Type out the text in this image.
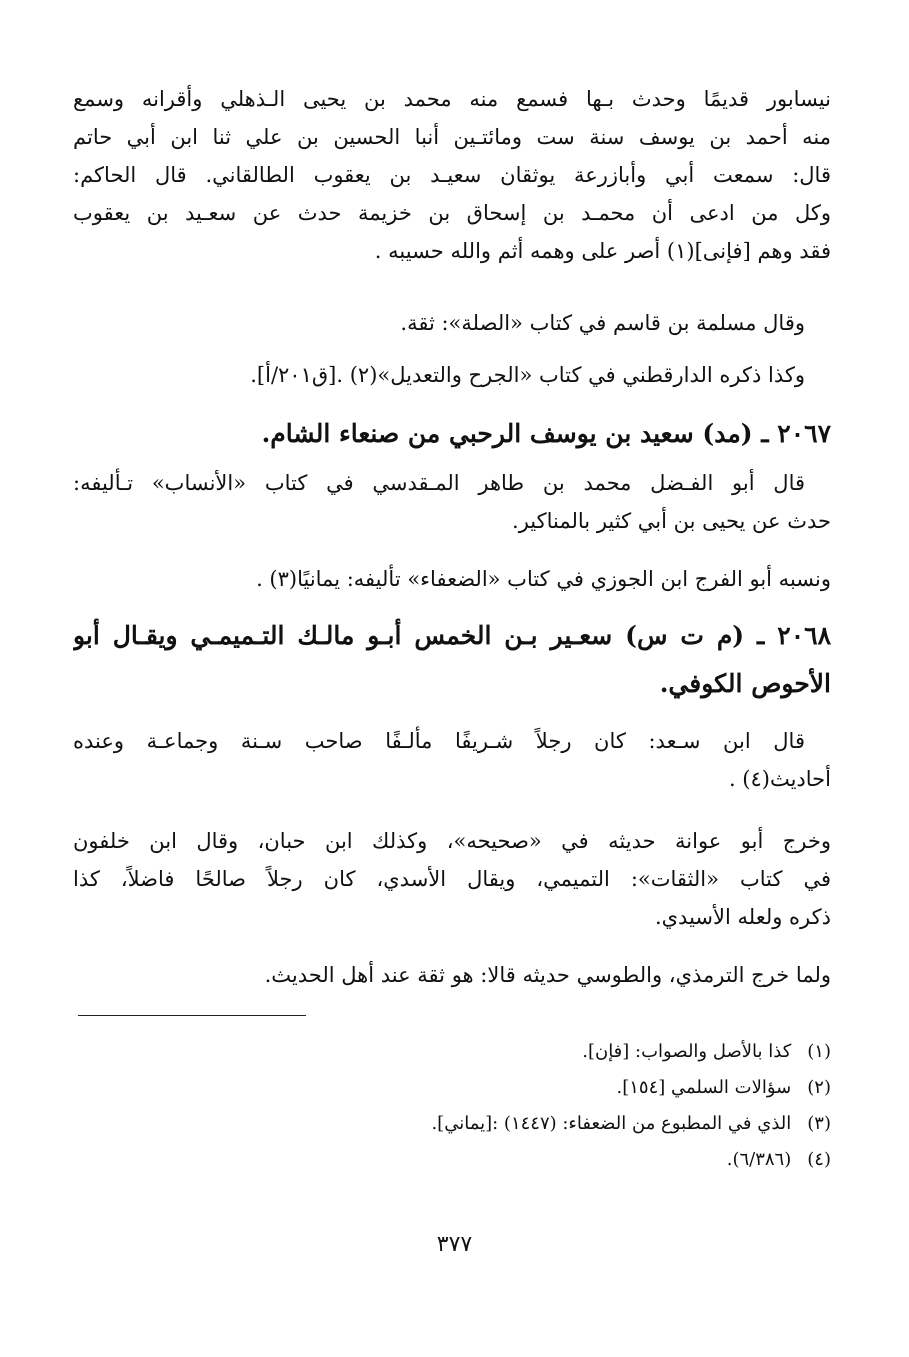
نيسابور قديمًا وحدث بـها فسمع منه محمد بن يحيى الـذهلي وأقرانه وسمع
منه أحمد بن يوسف سنة ست ومائتـين أنبا الحسين بن علي ثنا ابن أبي حاتم
قال: سمعت أبي وأبازرعة يوثقان سعيـد بن يعقوب الطالقاني. قال الحاكم:
وكل من ادعى أن محمـد بن إسحاق بن خزيمة حدث عن سعـيد بن يعقوب
فقد وهم [فإنى](١) أصر على وهمه أثم والله حسيبه .
وقال مسلمة بن قاسم في كتاب «الصلة»: ثقة.
وكذا ذكره الدارقطني في كتاب «الجرح والتعديل»(٢) .[ق٢٠١/أ].
٢٠٦٧ ـ (مد) سعيد بن يوسف الرحبي من صنعاء الشام.
قال أبو الفـضل محمد بن طاهر المـقدسي في كتاب «الأنساب» تـأليفه:
حدث عن يحيى بن أبي كثير بالمناكير.
ونسبه أبو الفرج ابن الجوزي في كتاب «الضعفاء» تأليفه: يمانيًا(٣) .
٢٠٦٨ ـ (م ت س) سعـير بـن الخمس أبـو مالـك التـميمـي ويقـال أبو
الأحوص الكوفي.
قال ابن سـعد: كان رجلاً شـريفًا مألـفًا صاحب سـنة وجماعـة وعنده
أحاديث(٤) .
وخرج أبو عوانة حديثه في «صحيحه»، وكذلك ابن حبان، وقال ابن خلفون
في كتاب «الثقات»: التميمي، ويقال الأسدي، كان رجلاً صالحًا فاضلاً، كذا
ذكره ولعله الأسيدي.
ولما خرج الترمذي، والطوسي حديثه قالا: هو ثقة عند أهل الحديث.
(١) كذا بالأصل والصواب: [فإن].
(٢) سؤالات السلمي [١٥٤].
(٣) الذي في المطبوع من الضعفاء: (١٤٤٧) :[يماني].
(٤) (٦/٣٨٦).
٣٧٧
